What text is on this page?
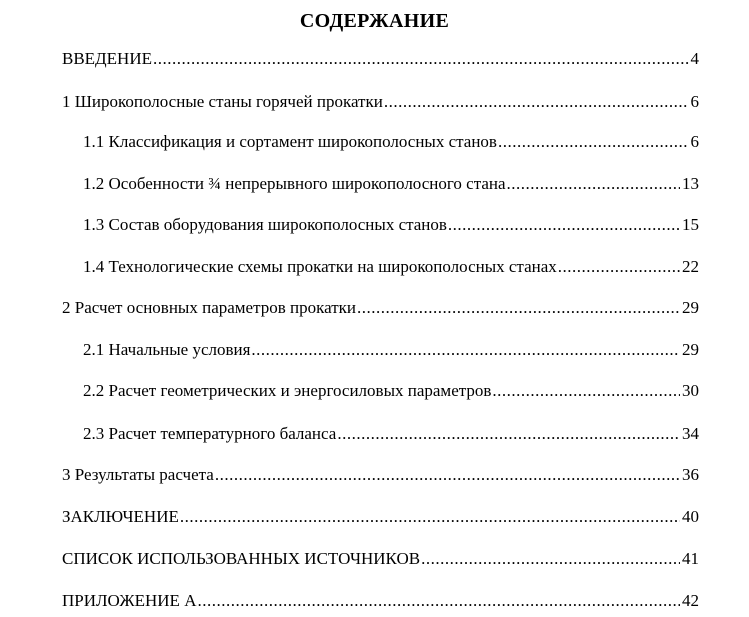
СОДЕРЖАНИЕ
ВВЕДЕНИЕ .....	4
1 Широкополосные станы горячей прокатки .....	6
1.1 Классификация и сортамент широкополосных станов .....	6
1.2 Особенности ¾ непрерывного широкополосного стана .....	13
1.3 Состав оборудования широкополосных станов .....	15
1.4 Технологические схемы прокатки на широкополосных станах .....	22
2 Расчет основных параметров прокатки .....	29
2.1 Начальные условия .....	29
2.2 Расчет геометрических и энергосиловых параметров .....	30
2.3 Расчет температурного баланса .....	34
3 Результаты расчета .....	36
ЗАКЛЮЧЕНИЕ .....	40
СПИСОК ИСПОЛЬЗОВАННЫХ ИСТОЧНИКОВ .....	41
ПРИЛОЖЕНИЕ А .....	42
